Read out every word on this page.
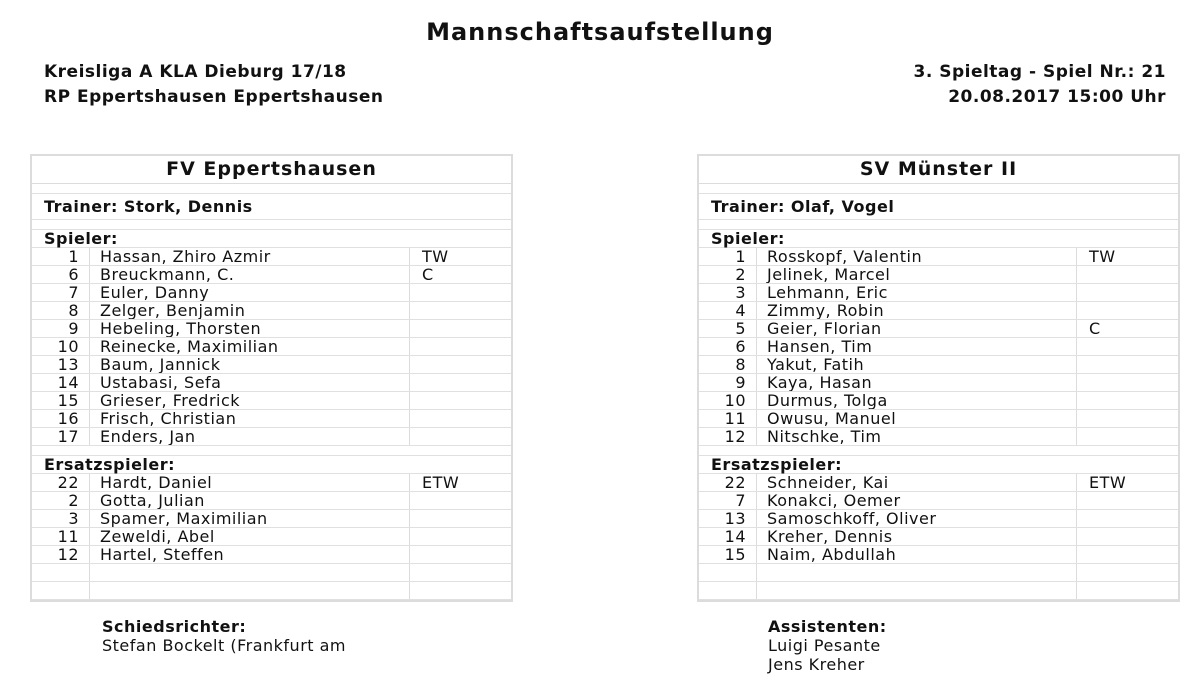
Mannschaftsaufstellung
Kreisliga A KLA Dieburg 17/18
RP Eppertshausen Eppertshausen
3. Spieltag - Spiel Nr.: 21
20.08.2017 15:00 Uhr
FV Eppertshausen
Trainer: Stork, Dennis
Spieler:
1	Hassan, Zhiro Azmir	TW
6	Breuckmann, C.	C
7	Euler, Danny
8	Zelger, Benjamin
9	Hebeling, Thorsten
10	Reinecke, Maximilian
13	Baum, Jannick
14	Ustabasi, Sefa
15	Grieser, Fredrick
16	Frisch, Christian
17	Enders, Jan
Ersatzspieler:
22	Hardt, Daniel	ETW
2	Gotta, Julian
3	Spamer, Maximilian
11	Zeweldi, Abel
12	Hartel, Steffen
SV Münster II
Trainer: Olaf, Vogel
Spieler:
1	Rosskopf, Valentin	TW
2	Jelinek, Marcel
3	Lehmann, Eric
4	Zimmy, Robin
5	Geier, Florian	C
6	Hansen, Tim
8	Yakut, Fatih
9	Kaya, Hasan
10	Durmus, Tolga
11	Owusu, Manuel
12	Nitschke, Tim
Ersatzspieler:
22	Schneider, Kai	ETW
7	Konakci, Oemer
13	Samoschkoff, Oliver
14	Kreher, Dennis
15	Naim, Abdullah
Schiedsrichter:
Stefan Bockelt (Frankfurt am
Assistenten:
Luigi Pesante
Jens Kreher
